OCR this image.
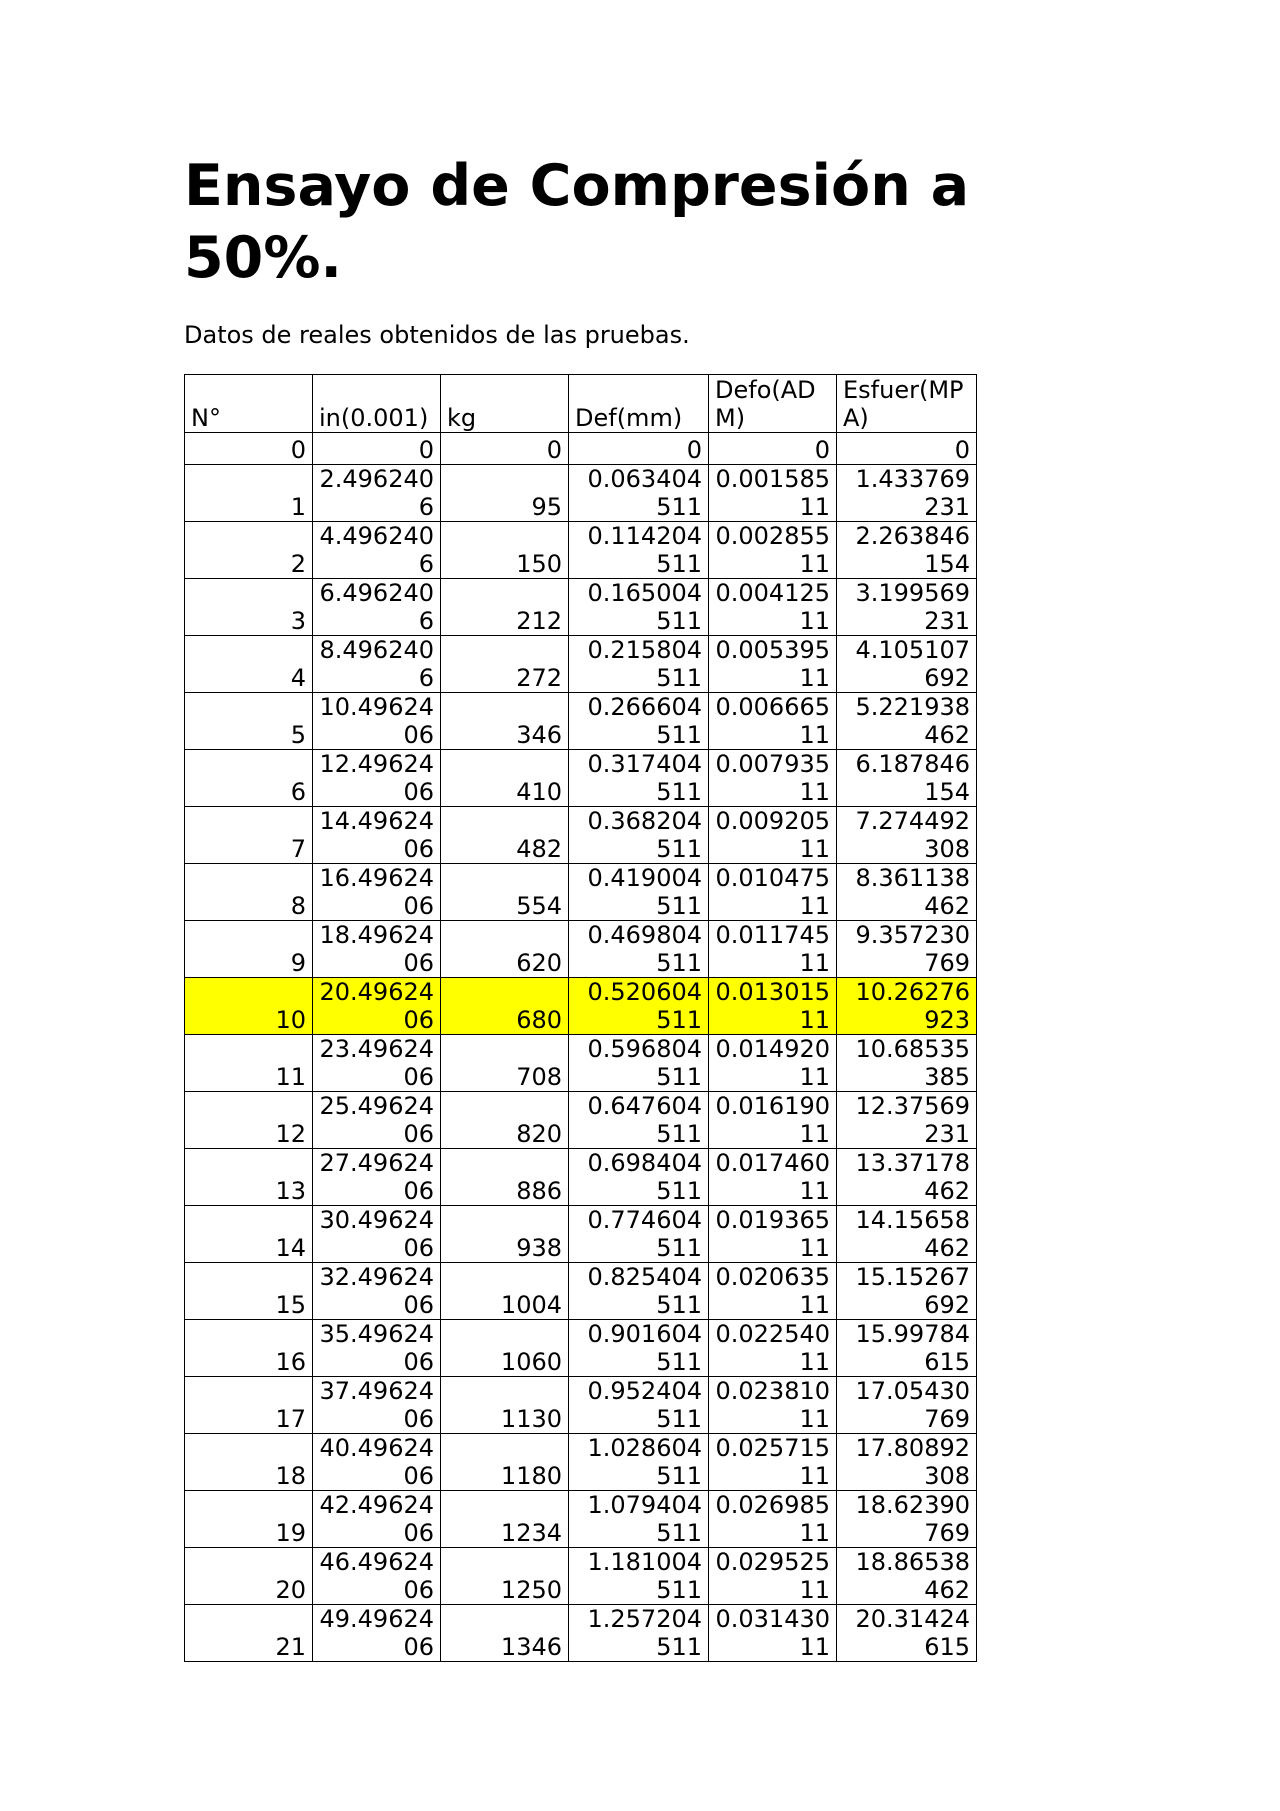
Ensayo de Compresión a 50%.

Datos de reales obtenidos de las pruebas.

N°	in(0.001)	kg	Def(mm)	Defo(ADM)	Esfuer(MPA)

0	0	0	0	0	0

1	2.4962406	95	0.063404511	0.00158511	1.433769231

2	4.4962406	150	0.114204511	0.00285511	2.263846154

3	6.4962406	212	0.165004511	0.00412511	3.199569231

4	8.4962406	272	0.215804511	0.00539511	4.105107692

5	10.4962406	346	0.266604511	0.00666511	5.221938462

6	12.4962406	410	0.317404511	0.00793511	6.187846154

7	14.4962406	482	0.368204511	0.00920511	7.274492308

8	16.4962406	554	0.419004511	0.01047511	8.361138462

9	18.4962406	620	0.469804511	0.01174511	9.357230769

10	20.4962406	680	0.520604511	0.01301511	10.26276923

11	23.4962406	708	0.596804511	0.01492011	10.68535385

12	25.4962406	820	0.647604511	0.01619011	12.37569231

13	27.4962406	886	0.698404511	0.01746011	13.37178462

14	30.4962406	938	0.774604511	0.01936511	14.15658462

15	32.4962406	1004	0.825404511	0.02063511	15.15267692

16	35.4962406	1060	0.901604511	0.02254011	15.99784615

17	37.4962406	1130	0.952404511	0.02381011	17.05430769

18	40.4962406	1180	1.028604511	0.02571511	17.80892308

19	42.4962406	1234	1.079404511	0.02698511	18.62390769

20	46.4962406	1250	1.181004511	0.02952511	18.86538462

21	49.4962406	1346	1.257204511	0.03143011	20.31424615
